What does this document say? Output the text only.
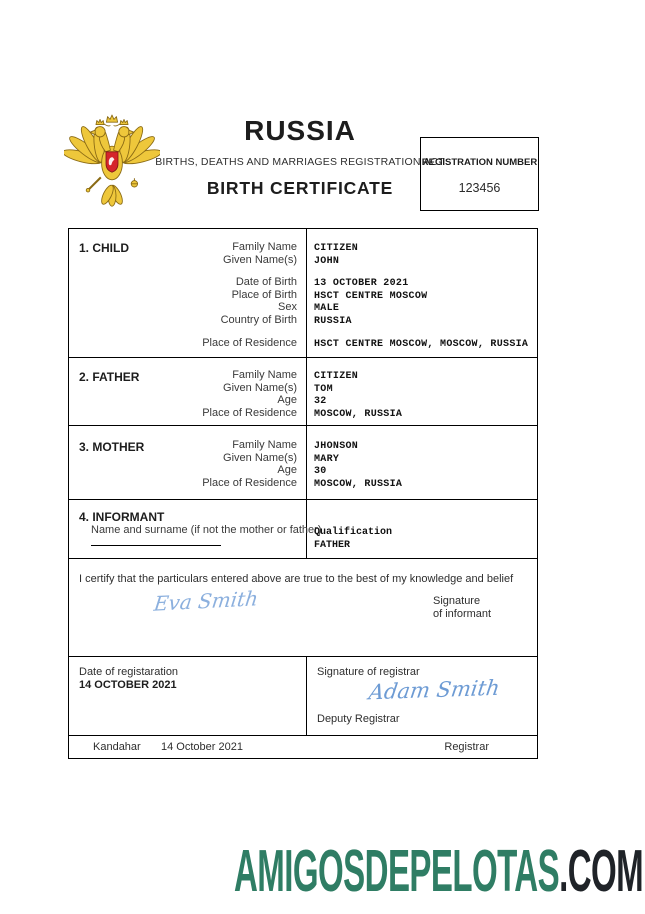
RUSSIA
BIRTHS, DEATHS AND MARRIAGES REGISTRATION ACT
BIRTH CERTIFICATE
REGISTRATION NUMBER
123456
1. CHILD	Family Name CITIZEN
Given Name(s) JOHN
Date of Birth 13 OCTOBER 2021
Place of Birth HSCT CENTRE MOSCOW
Sex MALE
Country of Birth RUSSIA
Place of Residence HSCT CENTRE MOSCOW, MOSCOW, RUSSIA
2. FATHER	Family Name CITIZEN
Given Name(s) TOM
Age 32
Place of Residence MOSCOW, RUSSIA
3. MOTHER	Family Name JHONSON
Given Name(s) MARY
Age 30
Place of Residence MOSCOW, RUSSIA
4. INFORMANT
Name and surname (if not the mother or father)
Qualification
FATHER
I certify that the particulars entered above are true to the best of my knowledge and belief
Eva Smith	Signature
of informant
Date of registaration
14 OCTOBER 2021
Signature of registrar
Adam Smith
Deputy Registrar
Kandahar 14 October 2021	Registrar
AMIGOSDEPELOTAS.COM
